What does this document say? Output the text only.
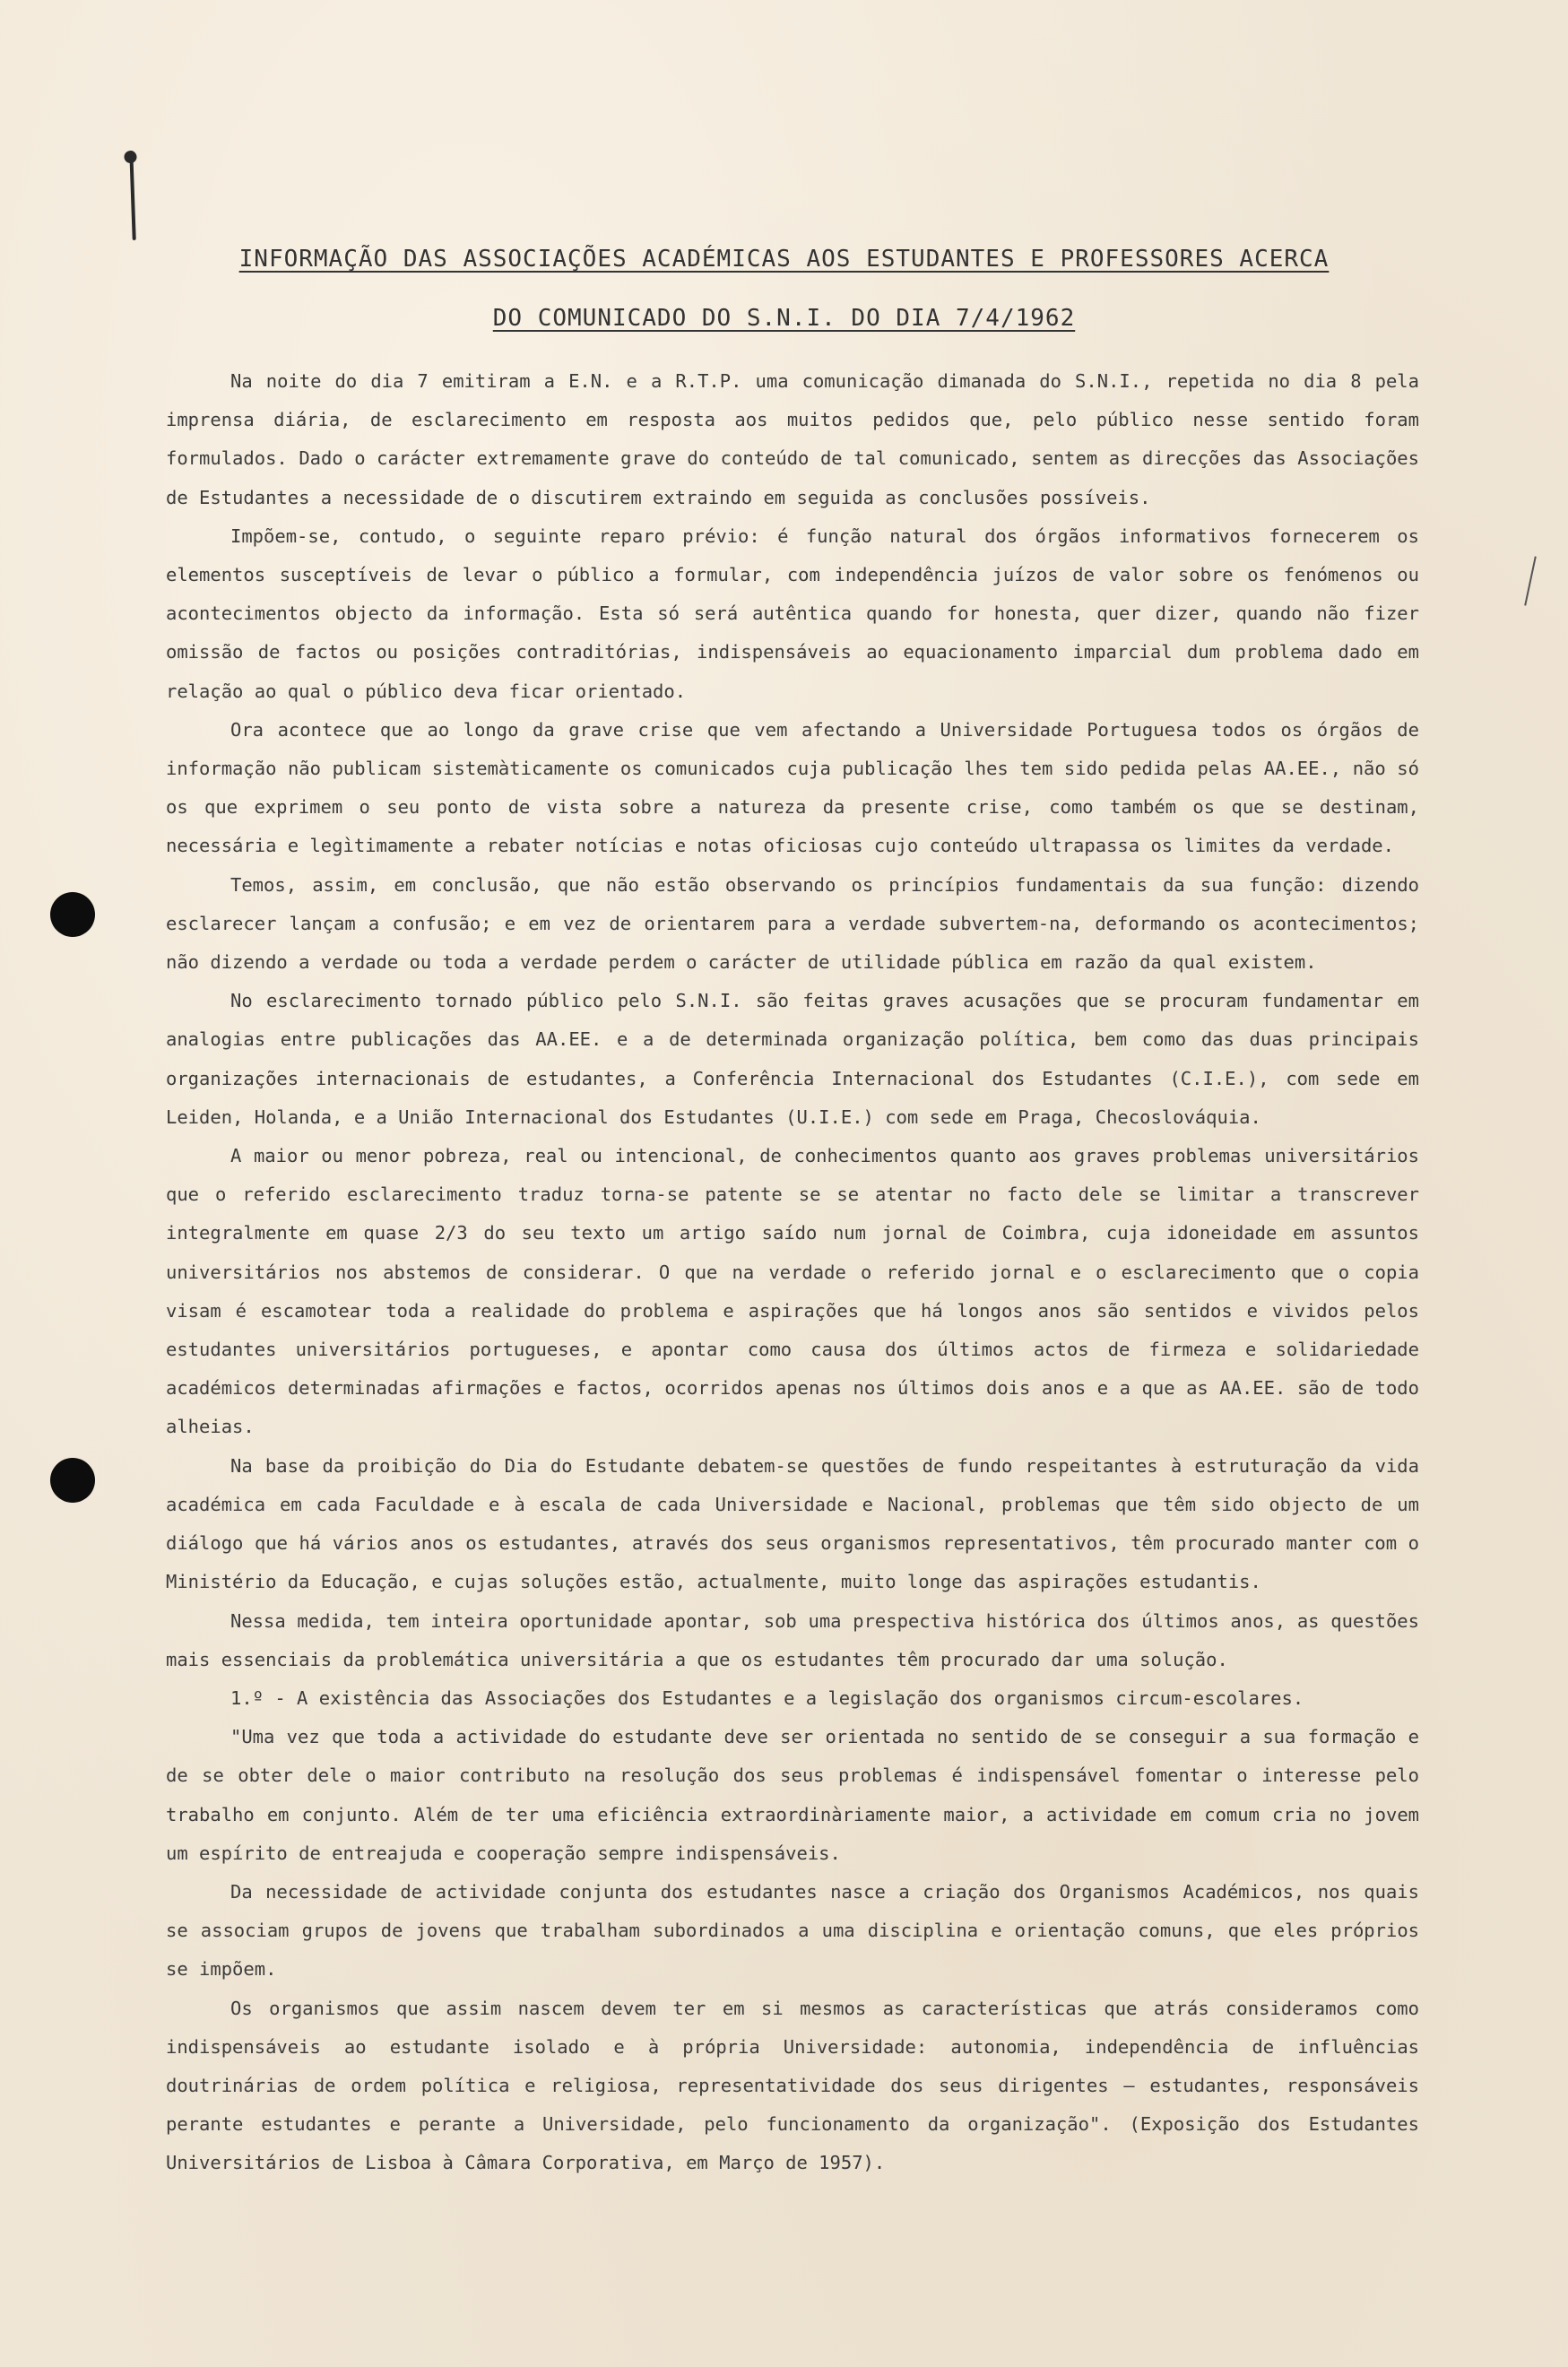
INFORMAÇÃO DAS ASSOCIAÇÕES ACADÉMICAS AOS ESTUDANTES E PROFESSORES ACERCA
DO COMUNICADO DO S.N.I. DO DIA 7/4/1962

Na noite do dia 7 emitiram a E.N. e a R.T.P. uma comunicação dimanada do S.N.I., repetida no dia 8 pela imprensa diária, de esclarecimento em resposta aos muitos pedidos que, pelo público nesse sentido foram formulados. Dado o carácter extremamente grave do conteúdo de tal comunicado, sentem as direcções das Associações de Estudantes a necessidade de o discutirem extraindo em seguida as conclusões possíveis.

Impõem-se, contudo, o seguinte reparo prévio: é função natural dos órgãos informativos fornecerem os elementos susceptíveis de levar o público a formular, com independência juízos de valor sobre os fenómenos ou acontecimentos objecto da informação. Esta só será autêntica quando for honesta, quer dizer, quando não fizer omissão de factos ou posições contraditórias, indispensáveis ao equacionamento imparcial dum problema dado em relação ao qual o público deva ficar orientado.

Ora acontece que ao longo da grave crise que vem afectando a Universidade Portuguesa todos os órgãos de informação não publicam sistemàticamente os comunicados cuja publicação lhes tem sido pedida pelas AA.EE., não só os que exprimem o seu ponto de vista sobre a natureza da presente crise, como também os que se destinam, necessária e legìtimamente a rebater notícias e notas oficiosas cujo conteúdo ultrapassa os limites da verdade.

Temos, assim, em conclusão, que não estão observando os princípios fundamentais da sua função: dizendo esclarecer lançam a confusão; e em vez de orientarem para a verdade subvertem-na, deformando os acontecimentos; não dizendo a verdade ou toda a verdade perdem o carácter de utilidade pública em razão da qual existem.

No esclarecimento tornado público pelo S.N.I. são feitas graves acusações que se procuram fundamentar em analogias entre publicações das AA.EE. e a de determinada organização política, bem como das duas principais organizações internacionais de estudantes, a Conferência Internacional dos Estudantes (C.I.E.), com sede em Leiden, Holanda, e a União Internacional dos Estudantes (U.I.E.) com sede em Praga, Checoslováquia.

A maior ou menor pobreza, real ou intencional, de conhecimentos quanto aos graves problemas universitários que o referido esclarecimento traduz torna-se patente se se atentar no facto dele se limitar a transcrever integralmente em quase 2/3 do seu texto um artigo saído num jornal de Coimbra, cuja idoneidade em assuntos universitários nos abstemos de considerar. O que na verdade o referido jornal e o esclarecimento que o copia visam é escamotear toda a realidade do problema e aspirações que há longos anos são sentidos e vividos pelos estudantes universitários portugueses, e apontar como causa dos últimos actos de firmeza e solidariedade académicos determinadas afirmações e factos, ocorridos apenas nos últimos dois anos e a que as AA.EE. são de todo alheias.

Na base da proibição do Dia do Estudante debatem-se questões de fundo respeitantes à estruturação da vida académica em cada Faculdade e à escala de cada Universidade e Nacional, problemas que têm sido objecto de um diálogo que há vários anos os estudantes, através dos seus organismos representativos, têm procurado manter com o Ministério da Educação, e cujas soluções estão, actualmente, muito longe das aspirações estudantis.

Nessa medida, tem inteira oportunidade apontar, sob uma prespectiva histórica dos últimos anos, as questões mais essenciais da problemática universitária a que os estudantes têm procurado dar uma solução.

1.º - A existência das Associações dos Estudantes e a legislação dos organismos circum-escolares.

"Uma vez que toda a actividade do estudante deve ser orientada no sentido de se conseguir a sua formação e de se obter dele o maior contributo na resolução dos seus problemas é indispensável fomentar o interesse pelo trabalho em conjunto. Além de ter uma eficiência extraordinàriamente maior, a actividade em comum cria no jovem um espírito de entreajuda e cooperação sempre indispensáveis.

Da necessidade de actividade conjunta dos estudantes nasce a criação dos Organismos Académicos, nos quais se associam grupos de jovens que trabalham subordinados a uma disciplina e orientação comuns, que eles próprios se impõem.

Os organismos que assim nascem devem ter em si mesmos as características que atrás consideramos como indispensáveis ao estudante isolado e à própria Universidade: autonomia, independência de influências doutrinárias de ordem política e religiosa, representatividade dos seus dirigentes — estudantes, responsáveis perante estudantes e perante a Universidade, pelo funcionamento da organização". (Exposição dos Estudantes Universitários de Lisboa à Câmara Corporativa, em Março de 1957).
